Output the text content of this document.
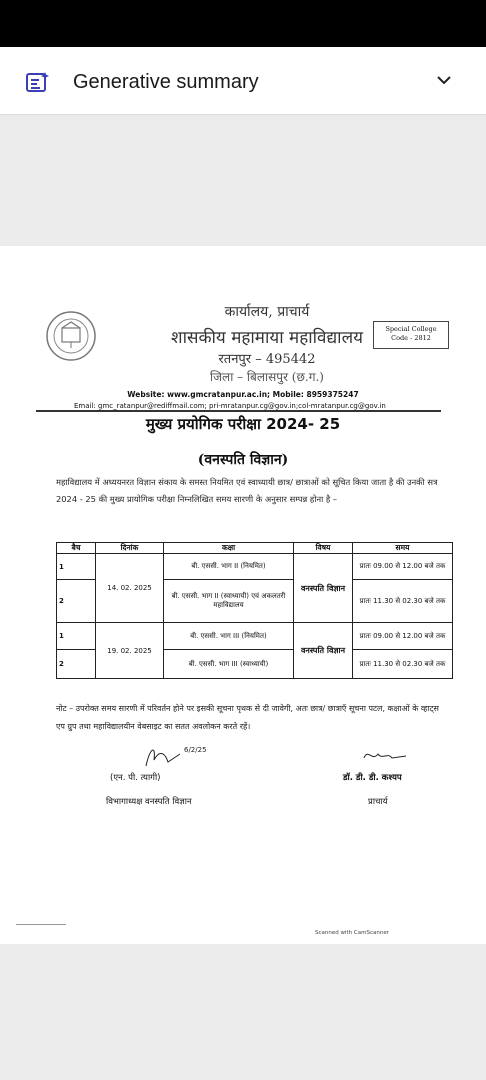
Generative summary
कार्यालय, प्राचार्य
शासकीय महामाया महाविद्यालय
रतनपुर – 495442
जिला – बिलासपुर (छ.ग.)
Special College
Code - 2812
Website: www.gmcratanpur.ac.in; Mobile: 8959375247
Email: gmc_ratanpur@rediffmail.com; pri-mratanpur.cg@gov.in;col-mratanpur.cg@gov.in
मुख्य प्रयोगिक परीक्षा 2024- 25
(वनस्पति विज्ञान)
महाविद्यालय में अध्ययनरत विज्ञान संकाय के समस्त नियमित एवं स्वाध्यायी छात्र/ छात्राओं को सूचित किया जाता है की उनकी सत्र 2024 - 25 की मुख्य प्रायोगिक परीक्षा निम्नलिखित समय सारणी के अनुसार सम्पन्न होना है –
बैच	दिनांक	कक्षा	विषय	समय
1	14. 02. 2025	बी. एससी. भाग II (नियमित)	वनस्पति विज्ञान	प्रातः 09.00 से 12.00 बजे तक
2		बी. एससी. भाग II (स्वाध्यायी) एवं अकलतरी महाविद्यालय		प्रातः 11.30 से 02.30 बजे तक
1	19. 02. 2025	बी. एससी. भाग III (नियमित)	वनस्पति विज्ञान	प्रातः 09.00 से 12.00 बजे तक
2		बी. एससी. भाग III (स्वाध्यायी)		प्रातः 11.30 से 02.30 बजे तक
नोट – उपरोक्त समय सारणी में परिवर्तन होने पर इसकी सूचना पृथक से दी जावेगी, अतः छात्र/ छात्राएँ सूचना पटल, कक्षाओं के व्हाट्स एप ग्रुप तथा महाविद्यालयीन वेबसाइट का सतत अवलोकन करते रहें।
6/2/25
(एन. पी. त्यागी)	डॉ. डी. डी. कश्यप
विभागाध्यक्ष वनस्पति विज्ञान	प्राचार्य
Scanned with CamScanner
